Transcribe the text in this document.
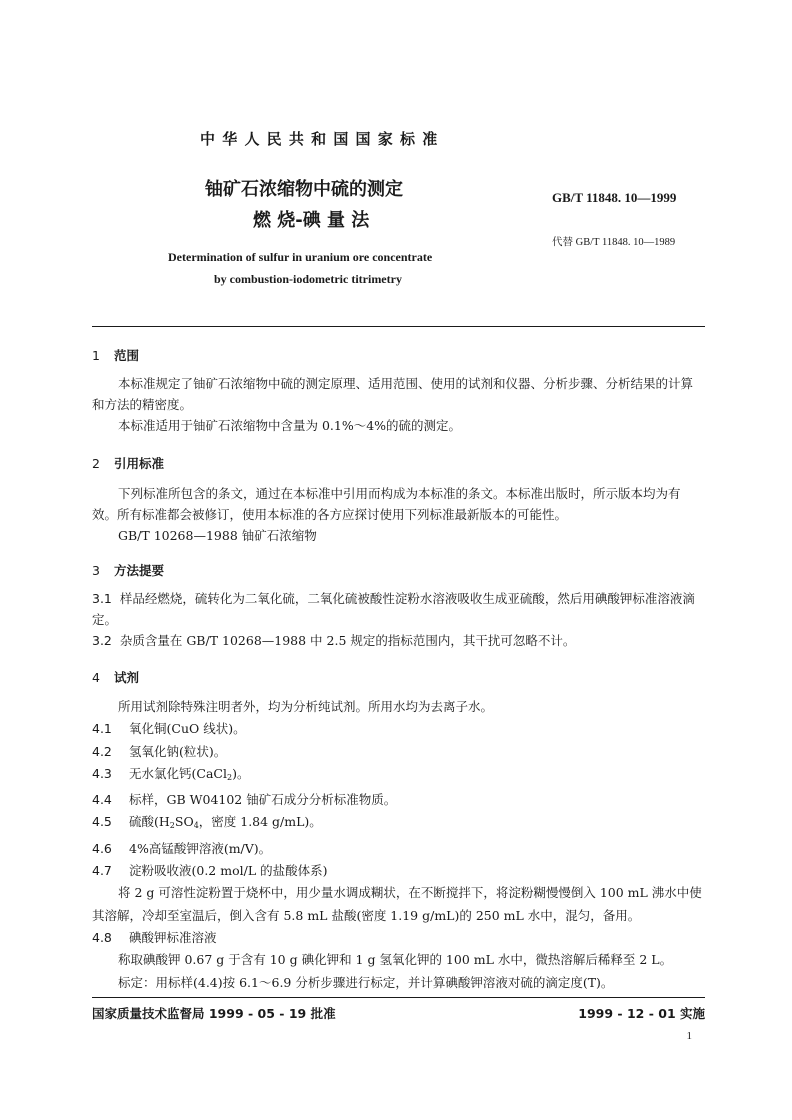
中 华 人 民 共 和 国 国 家 标 准
铀矿石浓缩物中硫的测定
燃 烧-碘 量 法
GB/T 11848. 10—1999
代替 GB/T 11848. 10—1989
Determination of sulfur in uranium ore concentrate
by combustion-iodometric titrimetry
1 范围

本标准规定了铀矿石浓缩物中硫的测定原理、适用范围、使用的试剂和仪器、分析步骤、分析结果的计算和方法的精密度。

本标准适用于铀矿石浓缩物中含量为 0.1%～4%的硫的测定。

2 引用标准

下列标准所包含的条文，通过在本标准中引用而构成为本标准的条文。本标准出版时，所示版本均为有效。所有标准都会被修订，使用本标准的各方应探讨使用下列标准最新版本的可能性。

GB/T 10268—1988 铀矿石浓缩物

3 方法提要

3.1 样品经燃烧，硫转化为二氧化硫，二氧化硫被酸性淀粉水溶液吸收生成亚硫酸，然后用碘酸钾标准溶液滴定。

3.2 杂质含量在 GB/T 10268—1988 中 2.5 规定的指标范围内，其干扰可忽略不计。

4 试剂

所用试剂除特殊注明者外，均为分析纯试剂。所用水均为去离子水。

4.1 氧化铜(CuO 线状)。

4.2 氢氧化钠(粒状)。

4.3 无水氯化钙(CaCl$_2$)。

4.4 标样，GB W04102 铀矿石成分分析标准物质。

4.5 硫酸($H_2SO_4$，密度 1.84 g/mL)。

4.6 4%高锰酸钾溶液(m/V)。

4.7 淀粉吸收液(0.2 mol/L 的盐酸体系)

将 2 g 可溶性淀粉置于烧杯中，用少量水调成糊状，在不断搅拌下，将淀粉糊慢慢倒入 100 mL 沸水中使其溶解，冷却至室温后，倒入含有 5.8 mL 盐酸(密度 1.19 g/mL)的 250 mL 水中，混匀，备用。

4.8 碘酸钾标准溶液

称取碘酸钾 0.67 g 于含有 10 g 碘化钾和 1 g 氢氧化钾的 100 mL 水中，微热溶解后稀释至 2 L。

标定：用标样(4.4)按 6.1～6.9 分析步骤进行标定，并计算碘酸钾溶液对硫的滴定度(T)。

国家质量技术监督局 1999 - 05 - 19 批准	1999 - 12 - 01 实施
1
